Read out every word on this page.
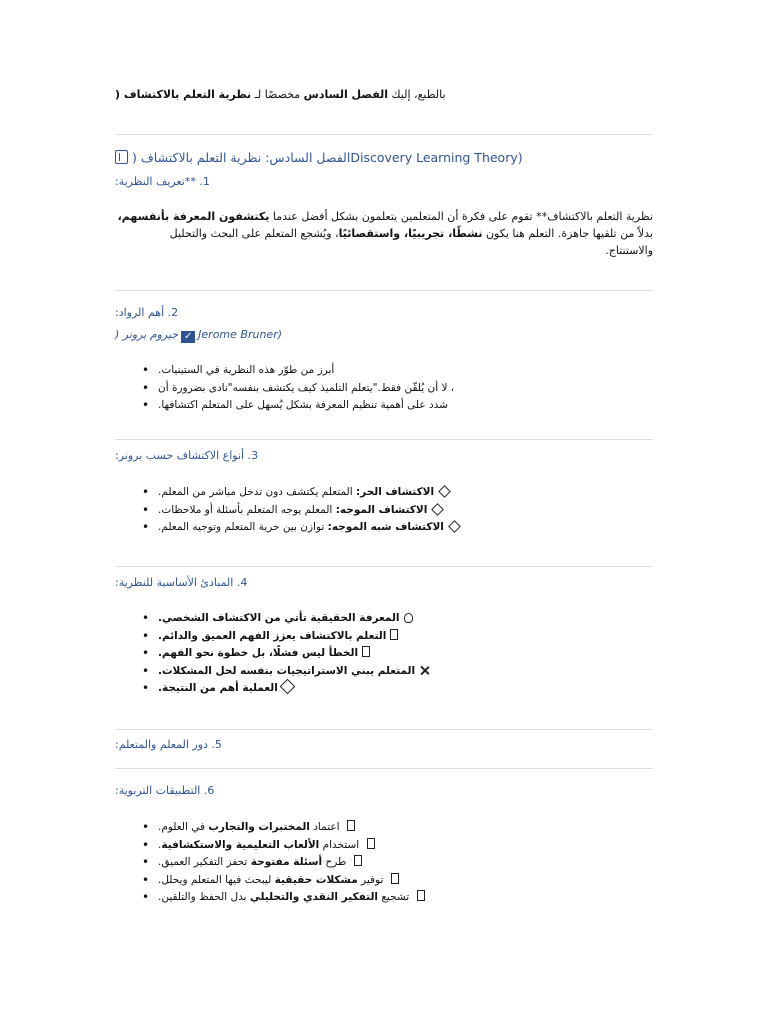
بالطبع، إليك الفصل السادس مخصصًا لـ نظرية التعلم بالاكتشاف (
الفصل السادس: نظرية التعلم بالاكتشاف (Discovery Learning Theory)
1. **تعريف النظرية:
نظرية التعلم بالاكتشاف** تقوم على فكرة أن المتعلمين يتعلمون بشكل أفضل عندما يكتشفون المعرفة بأنفسهم،
بدلاً من تلقيها جاهزة. التعلم هنا يكون نشطًا، تجريبيًا، واستقصائيًا، ويُشجع المتعلم على البحث والتحليل
والاستنتاج.
2. أهم الرواد:
جيروم برونر ( ✓ Jerome Bruner)
• أبرز من طوّر هذه النظرية في الستينيات.
• ، لا أن يُلقّن فقط."يتعلم التلميذ كيف يكتشف بنفسه"نادى بضرورة أن
• شدد على أهمية تنظيم المعرفة بشكل يُسهل على المتعلم اكتشافها.
3. أنواع الاكتشاف حسب برونر:
•	الاكتشاف الحر: المتعلم يكتشف دون تدخل مباشر من المعلم.
•	الاكتشاف الموجه: المعلم يوجه المتعلم بأسئلة أو ملاحظات.
•	الاكتشاف شبه الموجه: توازن بين حرية المتعلم وتوجيه المعلم.
4. المبادئ الأساسية للنظرية:
• المعرفة الحقيقية تأتي من الاكتشاف الشخصي.
• التعلم بالاكتشاف يعزز الفهم العميق والدائم.
• الخطأ ليس فشلًا، بل خطوة نحو الفهم.
• المتعلم يبني الاستراتيجيات بنفسه لحل المشكلات.
• العملية أهم من النتيجة.
5. دور المعلم والمتعلم:
6. التطبيقات التربوية:
•	اعتماد المختبرات والتجارب في العلوم.
•	استخدام الألعاب التعليمية والاستكشافية.
•	طرح أسئلة مفتوحة تحفز التفكير العميق.
•	توفير مشكلات حقيقية ليبحث فيها المتعلم ويحلل.
•	تشجيع التفكير النقدي والتحليلي بدل الحفظ والتلقين.
